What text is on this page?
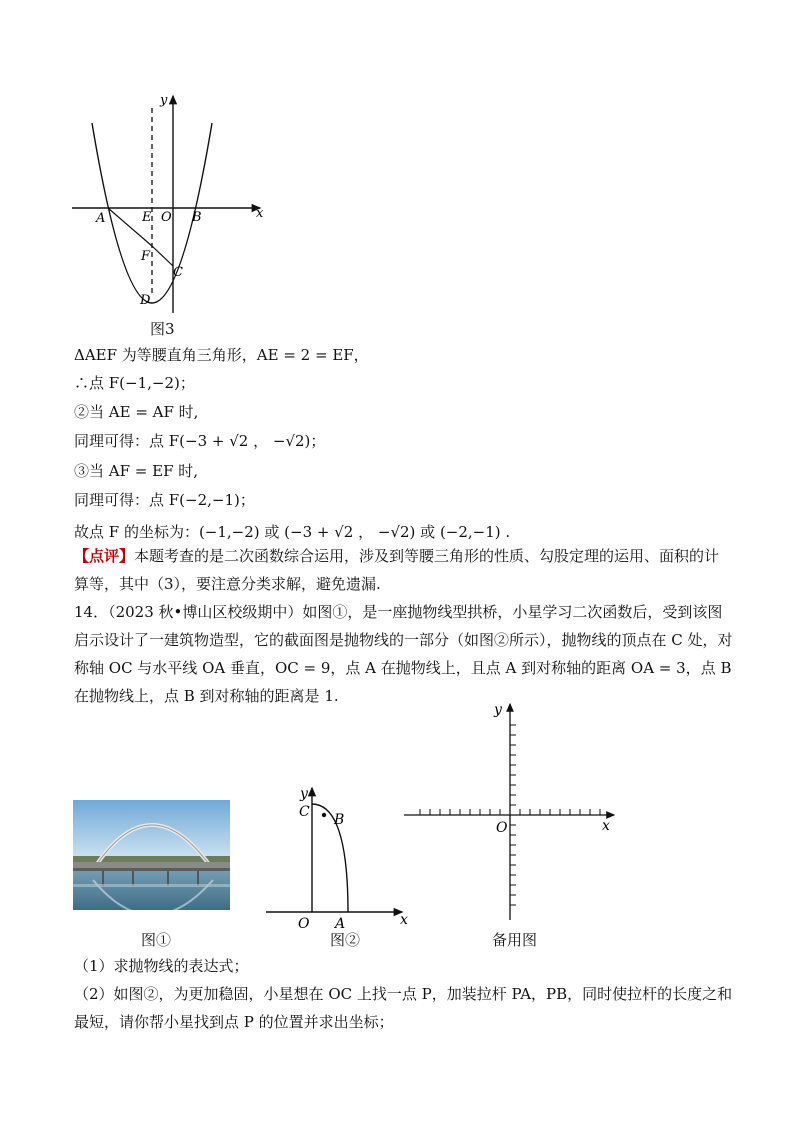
y
x
A	E O B
F
C
D
图3
ΔAEF 为等腰直角三角形，AE = 2 = EF，
∴点 F(−1,−2)；
②当 AE = AF 时,
同理可得：点 F(−3 + √2 ， −√2)；
③当 AF = EF 时,
同理可得：点 F(−2,−1)；
故点 F 的坐标为：(−1,−2) 或 (−3 + √2 ， −√2) 或 (−2,−1) .
【点评】本题考查的是二次函数综合运用，涉及到等腰三角形的性质、勾股定理的运用、面积的计算等，其中（3），要注意分类求解，避免遗漏.
14．（2023 秋•博山区校级期中）如图①，是一座抛物线型拱桥，小星学习二次函数后，受到该图启示设计了一建筑物造型，它的截面图是抛物线的一部分（如图②所示），抛物线的顶点在 C 处，对称轴 OC 与水平线 OA 垂直，OC = 9，点 A 在抛物线上，且点 A 到对称轴的距离 OA = 3，点 B 在抛物线上，点 B 到对称轴的距离是 1.
图①
y
C B
O A	x
图②
y
O	x
备用图
（1）求抛物线的表达式；
（2）如图②，为更加稳固，小星想在 OC 上找一点 P，加装拉杆 PA，PB，同时使拉杆的长度之和最短，请你帮小星找到点 P 的位置并求出坐标；
